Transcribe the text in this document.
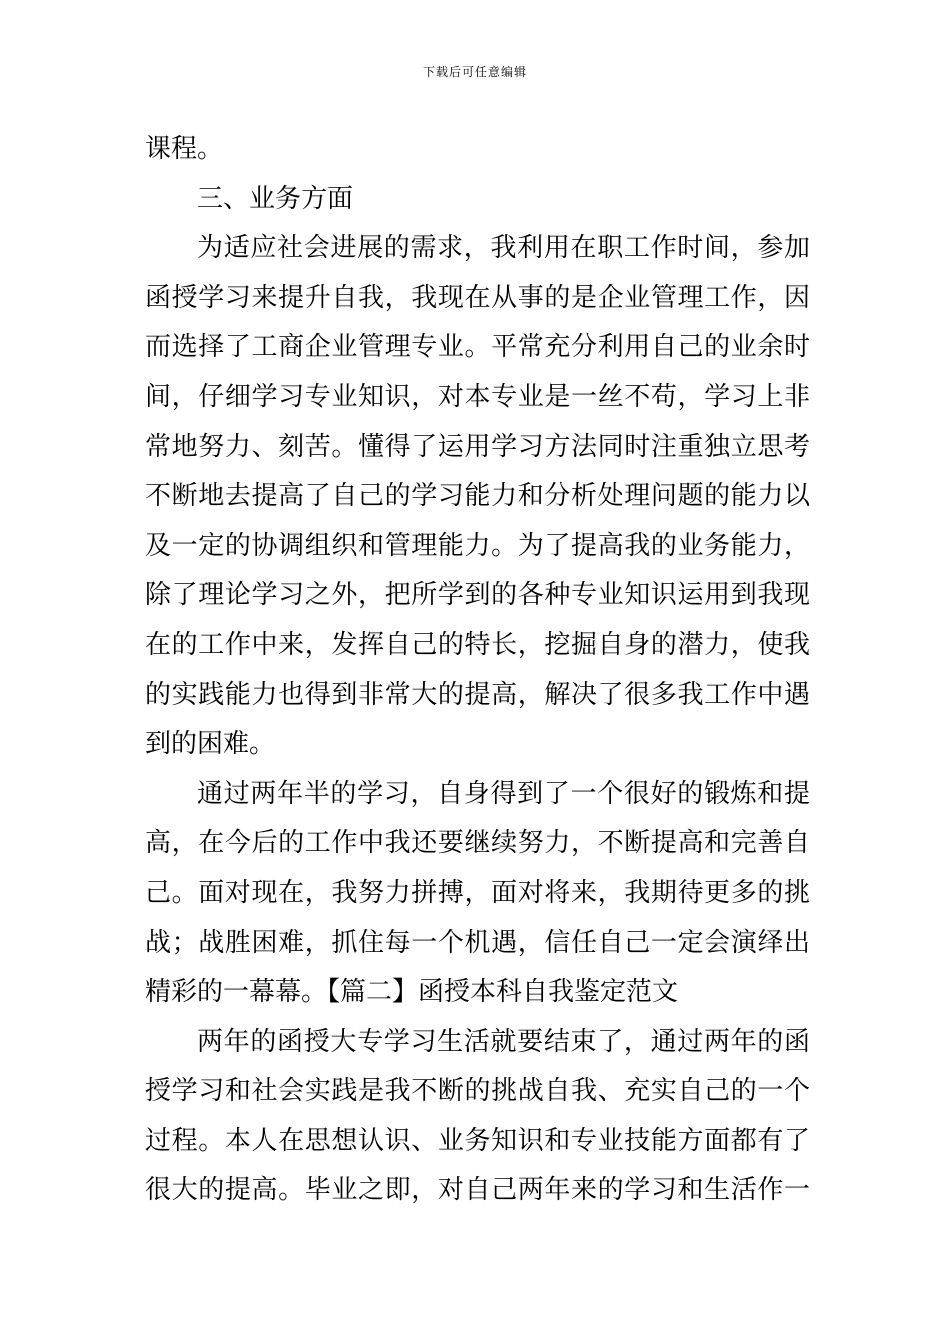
下载后可任意编辑
课程。
三、业务方面
为适应社会进展的需求，我利用在职工作时间，参加
函授学习来提升自我，我现在从事的是企业管理工作，因
而选择了工商企业管理专业。平常充分利用自己的业余时
间，仔细学习专业知识，对本专业是一丝不苟，学习上非
常地努力、刻苦。懂得了运用学习方法同时注重独立思考
不断地去提高了自己的学习能力和分析处理问题的能力以
及一定的协调组织和管理能力。为了提高我的业务能力，
除了理论学习之外，把所学到的各种专业知识运用到我现
在的工作中来，发挥自己的特长，挖掘自身的潜力，使我
的实践能力也得到非常大的提高，解决了很多我工作中遇
到的困难。
通过两年半的学习，自身得到了一个很好的锻炼和提
高，在今后的工作中我还要继续努力，不断提高和完善自
己。面对现在，我努力拼搏，面对将来，我期待更多的挑
战；战胜困难，抓住每一个机遇，信任自己一定会演绎出
精彩的一幕幕。【篇二】函授本科自我鉴定范文
两年的函授大专学习生活就要结束了，通过两年的函
授学习和社会实践是我不断的挑战自我、充实自己的一个
过程。本人在思想认识、业务知识和专业技能方面都有了
很大的提高。毕业之即，对自己两年来的学习和生活作一
